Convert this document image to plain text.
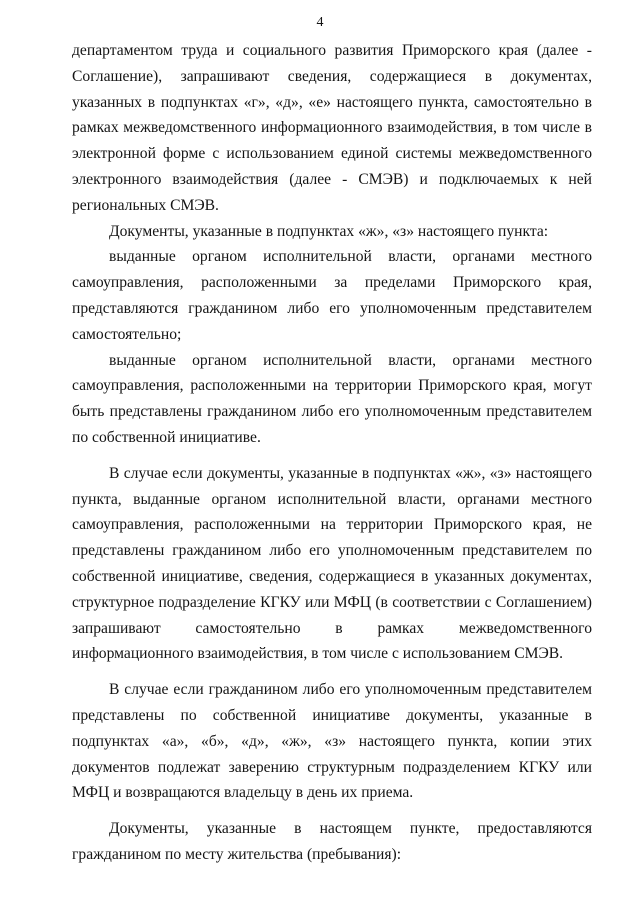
4

департаментом труда и социального развития Приморского края (далее - Соглашение), запрашивают сведения, содержащиеся в документах, указанных в подпунктах «г», «д», «е» настоящего пункта, самостоятельно в рамках межведомственного информационного взаимодействия, в том числе в электронной форме с использованием единой системы межведомственного электронного взаимодействия (далее - СМЭВ) и подключаемых к ней региональных СМЭВ.

Документы, указанные в подпунктах «ж», «з» настоящего пункта:

выданные органом исполнительной власти, органами местного самоуправления, расположенными за пределами Приморского края, представляются гражданином либо его уполномоченным представителем самостоятельно;

выданные органом исполнительной власти, органами местного самоуправления, расположенными на территории Приморского края, могут быть представлены гражданином либо его уполномоченным представителем по собственной инициативе.

В случае если документы, указанные в подпунктах «ж», «з» настоящего пункта, выданные органом исполнительной власти, органами местного самоуправления, расположенными на территории Приморского края, не представлены гражданином либо его уполномоченным представителем по собственной инициативе, сведения, содержащиеся в указанных документах, структурное подразделение КГКУ или МФЦ (в соответствии с Соглашением) запрашивают самостоятельно в рамках межведомственного информационного взаимодействия, в том числе с использованием СМЭВ.

В случае если гражданином либо его уполномоченным представителем представлены по собственной инициативе документы, указанные в подпунктах «а», «б», «д», «ж», «з» настоящего пункта, копии этих документов подлежат заверению структурным подразделением КГКУ или МФЦ и возвращаются владельцу в день их приема.

Документы, указанные в настоящем пункте, предоставляются гражданином по месту жительства (пребывания):
